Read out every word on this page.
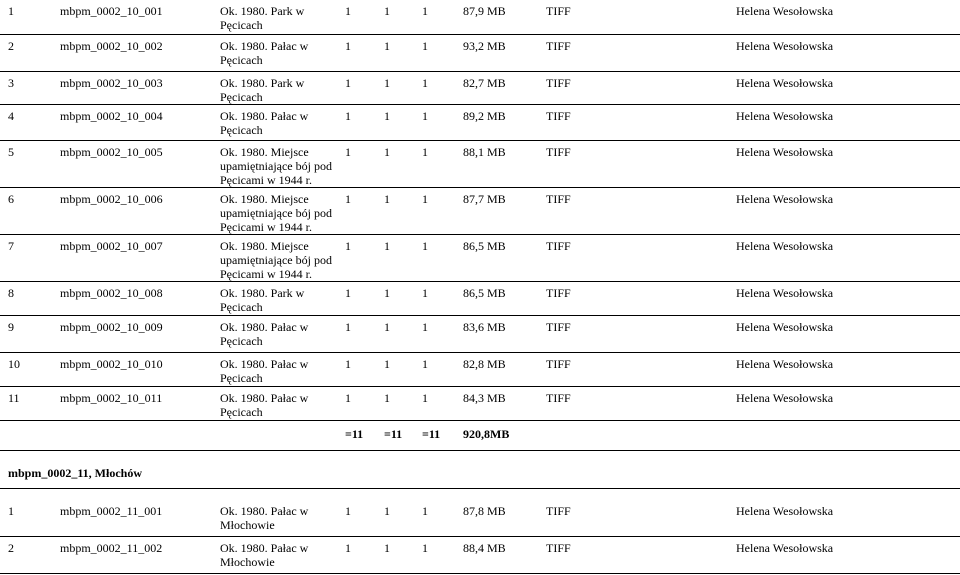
1	mbpm_0002_10_001	Ok. 1980. Park w Pęcicach	1	1	1	87,9 MB	TIFF	Helena Wesołowska
2	mbpm_0002_10_002	Ok. 1980. Pałac w Pęcicach	1	1	1	93,2 MB	TIFF	Helena Wesołowska
3	mbpm_0002_10_003	Ok. 1980. Park w Pęcicach	1	1	1	82,7 MB	TIFF	Helena Wesołowska
4	mbpm_0002_10_004	Ok. 1980. Pałac w Pęcicach	1	1	1	89,2 MB	TIFF	Helena Wesołowska
5	mbpm_0002_10_005	Ok. 1980. Miejsce upamiętniające bój pod Pęcicami w 1944 r.	1	1	1	88,1 MB	TIFF	Helena Wesołowska
6	mbpm_0002_10_006	Ok. 1980. Miejsce upamiętniające bój pod Pęcicami w 1944 r.	1	1	1	87,7 MB	TIFF	Helena Wesołowska
7	mbpm_0002_10_007	Ok. 1980. Miejsce upamiętniające bój pod Pęcicami w 1944 r.	1	1	1	86,5 MB	TIFF	Helena Wesołowska
8	mbpm_0002_10_008	Ok. 1980. Park w Pęcicach	1	1	1	86,5 MB	TIFF	Helena Wesołowska
9	mbpm_0002_10_009	Ok. 1980. Pałac w Pęcicach	1	1	1	83,6 MB	TIFF	Helena Wesołowska
10	mbpm_0002_10_010	Ok. 1980. Pałac w Pęcicach	1	1	1	82,8 MB	TIFF	Helena Wesołowska
11	mbpm_0002_10_011	Ok. 1980. Pałac w Pęcicach	1	1	1	84,3 MB	TIFF	Helena Wesołowska
			=11	=11	=11	920,8MB		

mbpm_0002_11, Młochów								

1	mbpm_0002_11_001	Ok. 1980. Pałac w Młochowie	1	1	1	87,8 MB	TIFF	Helena Wesołowska
2	mbpm_0002_11_002	Ok. 1980. Pałac w Młochowie	1	1	1	88,4 MB	TIFF	Helena Wesołowska
